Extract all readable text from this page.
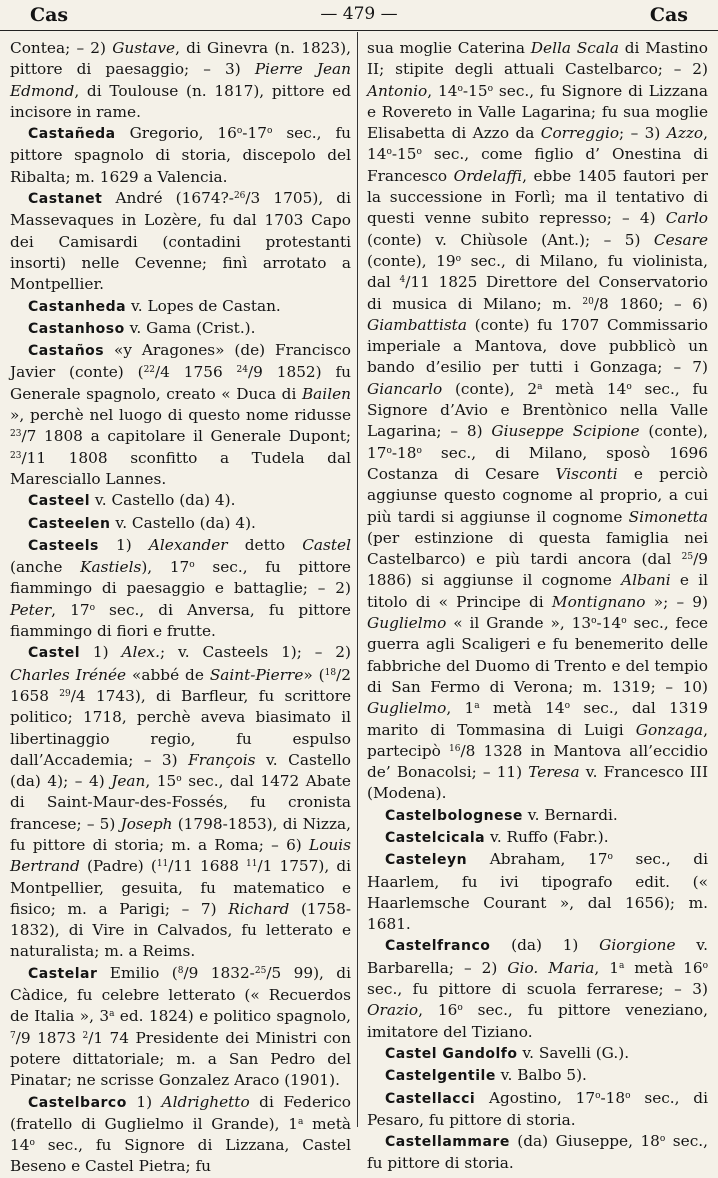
Cas	— 479 —	Cas

Contea; – 2) Gustave, di Ginevra (n. 1823), pittore di paesaggio; – 3) Pierre Jean Edmond, di Toulouse (n. 1817), pittore ed incisore in rame.

Castañeda Gregorio, 16$^o$-17$^o$ sec., fu pittore spagnolo di storia, discepolo del Ribalta; m. 1629 a Valencia.

Castanet André (1674?-$^{26}$/3 1705), di Massevaques in Lozère, fu dal 1703 Capo dei Camisardi (contadini protestanti insorti) nelle Cevenne; finì arrotato a Montpellier.

Castanheda v. Lopes de Castan.

Castanhoso v. Gama (Crist.).

Castaños «y Aragones» (de) Francisco Javier (conte) ($^{22}$/4 1756 $^{24}$/9 1852) fu Generale spagnolo, creato « Duca di Bailen », perchè nel luogo di questo nome ridusse $^{23}$/7 1808 a capitolare il Generale Dupont; $^{23}$/11 1808 sconfitto a Tudela dal Maresciallo Lannes.

Casteel v. Castello (da) 4).

Casteelen v. Castello (da) 4).

Casteels 1) Alexander detto Castel (anche Kastiels), 17$^o$ sec., fu pittore fiammingo di paesaggio e battaglie; – 2) Peter, 17$^o$ sec., di Anversa, fu pittore fiammingo di fiori e frutte.

Castel 1) Alex.; v. Casteels 1); – 2) Charles Irénée «abbé de Saint-Pierre» ($^{18}$/2 1658 $^{29}$/4 1743), di Barfleur, fu scrittore politico; 1718, perchè aveva biasimato il libertinaggio regio, fu espulso dall’Accademia; – 3) François v. Castello (da) 4); – 4) Jean, 15$^o$ sec., dal 1472 Abate di Saint-Maur-des-Fossés, fu cronista francese; – 5) Joseph (1798-1853), di Nizza, fu pittore di storia; m. a Roma; – 6) Louis Bertrand (Padre) ($^{11}$/11 1688 $^{11}$/1 1757), di Montpellier, gesuita, fu matematico e fisico; m. a Parigi; – 7) Richard (1758-1832), di Vire in Calvados, fu letterato e naturalista; m. a Reims.

Castelar Emilio ($^8$/9 1832-$^{25}$/5 99), di Càdice, fu celebre letterato (« Recuerdos de Italia », 3$^a$ ed. 1824) e politico spagnolo, $^7$/9 1873 $^2$/1 74 Presidente dei Ministri con potere dittatoriale; m. a San Pedro del Pinatar; ne scrisse Gonzalez Araco (1901).

Castelbarco 1) Aldrighetto di Federico (fratello di Guglielmo il Grande), 1$^a$ metà 14$^o$ sec., fu Signore di Lizzana, Castel Beseno e Castel Pietra; fu

sua moglie Caterina Della Scala di Mastino II; stipite degli attuali Castelbarco; – 2) Antonio, 14$^o$-15$^o$ sec., fu Signore di Lizzana e Rovereto in Valle Lagarina; fu sua moglie Elisabetta di Azzo da Correggio; – 3) Azzo, 14$^o$-15$^o$ sec., come figlio d’ Onestina di Francesco Ordelaffi, ebbe 1405 fautori per la successione in Forlì; ma il tentativo di questi venne subito represso; – 4) Carlo (conte) v. Chiùsole (Ant.); – 5) Cesare (conte), 19$^o$ sec., di Milano, fu violinista, dal $^4$/11 1825 Direttore del Conservatorio di musica di Milano; m. $^{20}$/8 1860; – 6) Giambattista (conte) fu 1707 Commissario imperiale a Mantova, dove pubblicò un bando d’esilio per tutti i Gonzaga; – 7) Giancarlo (conte), 2$^a$ metà 14$^o$ sec., fu Signore d’Avio e Brentònico nella Valle Lagarina; – 8) Giuseppe Scipione (conte), 17$^o$-18$^o$ sec., di Milano, sposò 1696 Costanza di Cesare Visconti e perciò aggiunse questo cognome al proprio, a cui più tardi si aggiunse il cognome Simonetta (per estinzione di questa famiglia nei Castelbarco) e più tardi ancora (dal $^{25}$/9 1886) si aggiunse il cognome Albani e il titolo di « Principe di Montignano »; – 9) Guglielmo « il Grande », 13$^o$-14$^o$ sec., fece guerra agli Scaligeri e fu benemerito delle fabbriche del Duomo di Trento e del tempio di San Fermo di Verona; m. 1319; – 10) Guglielmo, 1$^a$ metà 14$^o$ sec., dal 1319 marito di Tommasina di Luigi Gonzaga, partecipò $^{16}$/8 1328 in Mantova all’eccidio de’ Bonacolsi; – 11) Teresa v. Francesco III (Modena).

Castelbolognese v. Bernardi.

Castelcicala v. Ruffo (Fabr.).

Casteleyn Abraham, 17$^o$ sec., di Haarlem, fu ivi tipografo edit. (« Haarlemsche Courant », dal 1656); m. 1681.

Castelfranco (da) 1) Giorgione v. Barbarella; – 2) Gio. Maria, 1$^a$ metà 16$^o$ sec., fu pittore di scuola ferrarese; – 3) Orazio, 16$^o$ sec., fu pittore veneziano, imitatore del Tiziano.

Castel Gandolfo v. Savelli (G.).

Castelgentile v. Balbo 5).

Castellacci Agostino, 17$^o$-18$^o$ sec., di Pesaro, fu pittore di storia.

Castellammare (da) Giuseppe, 18$^o$ sec., fu pittore di storia.
